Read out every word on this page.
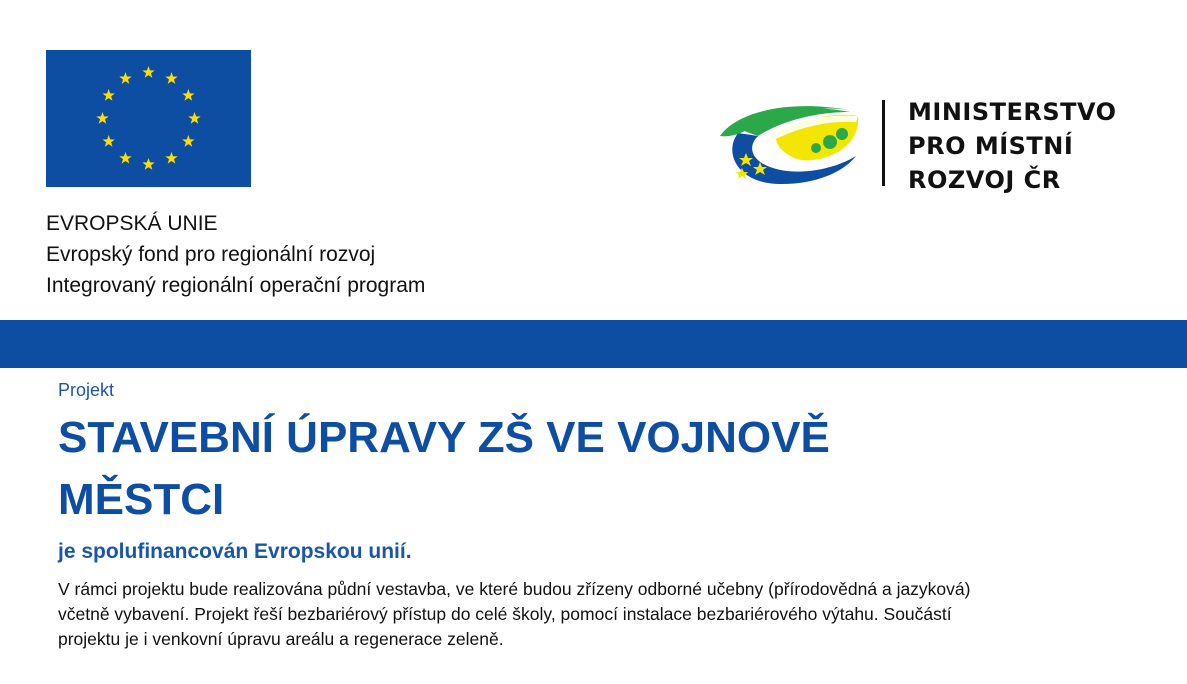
EVROPSKÁ UNIE
Evropský fond pro regionální rozvoj
Integrovaný regionální operační program
MINISTERSTVO
PRO MÍSTNÍ
ROZVOJ ČR
Projekt
STAVEBNÍ ÚPRAVY ZŠ VE VOJNOVĚ
MĚSTCI
je spolufinancován Evropskou unií.
V rámci projektu bude realizována půdní vestavba, ve které budou zřízeny odborné učebny (přírodovědná a jazyková)
včetně vybavení. Projekt řeší bezbariérový přístup do celé školy, pomocí instalace bezbariérového výtahu. Součástí
projektu je i venkovní úpravu areálu a regenerace zeleně.
